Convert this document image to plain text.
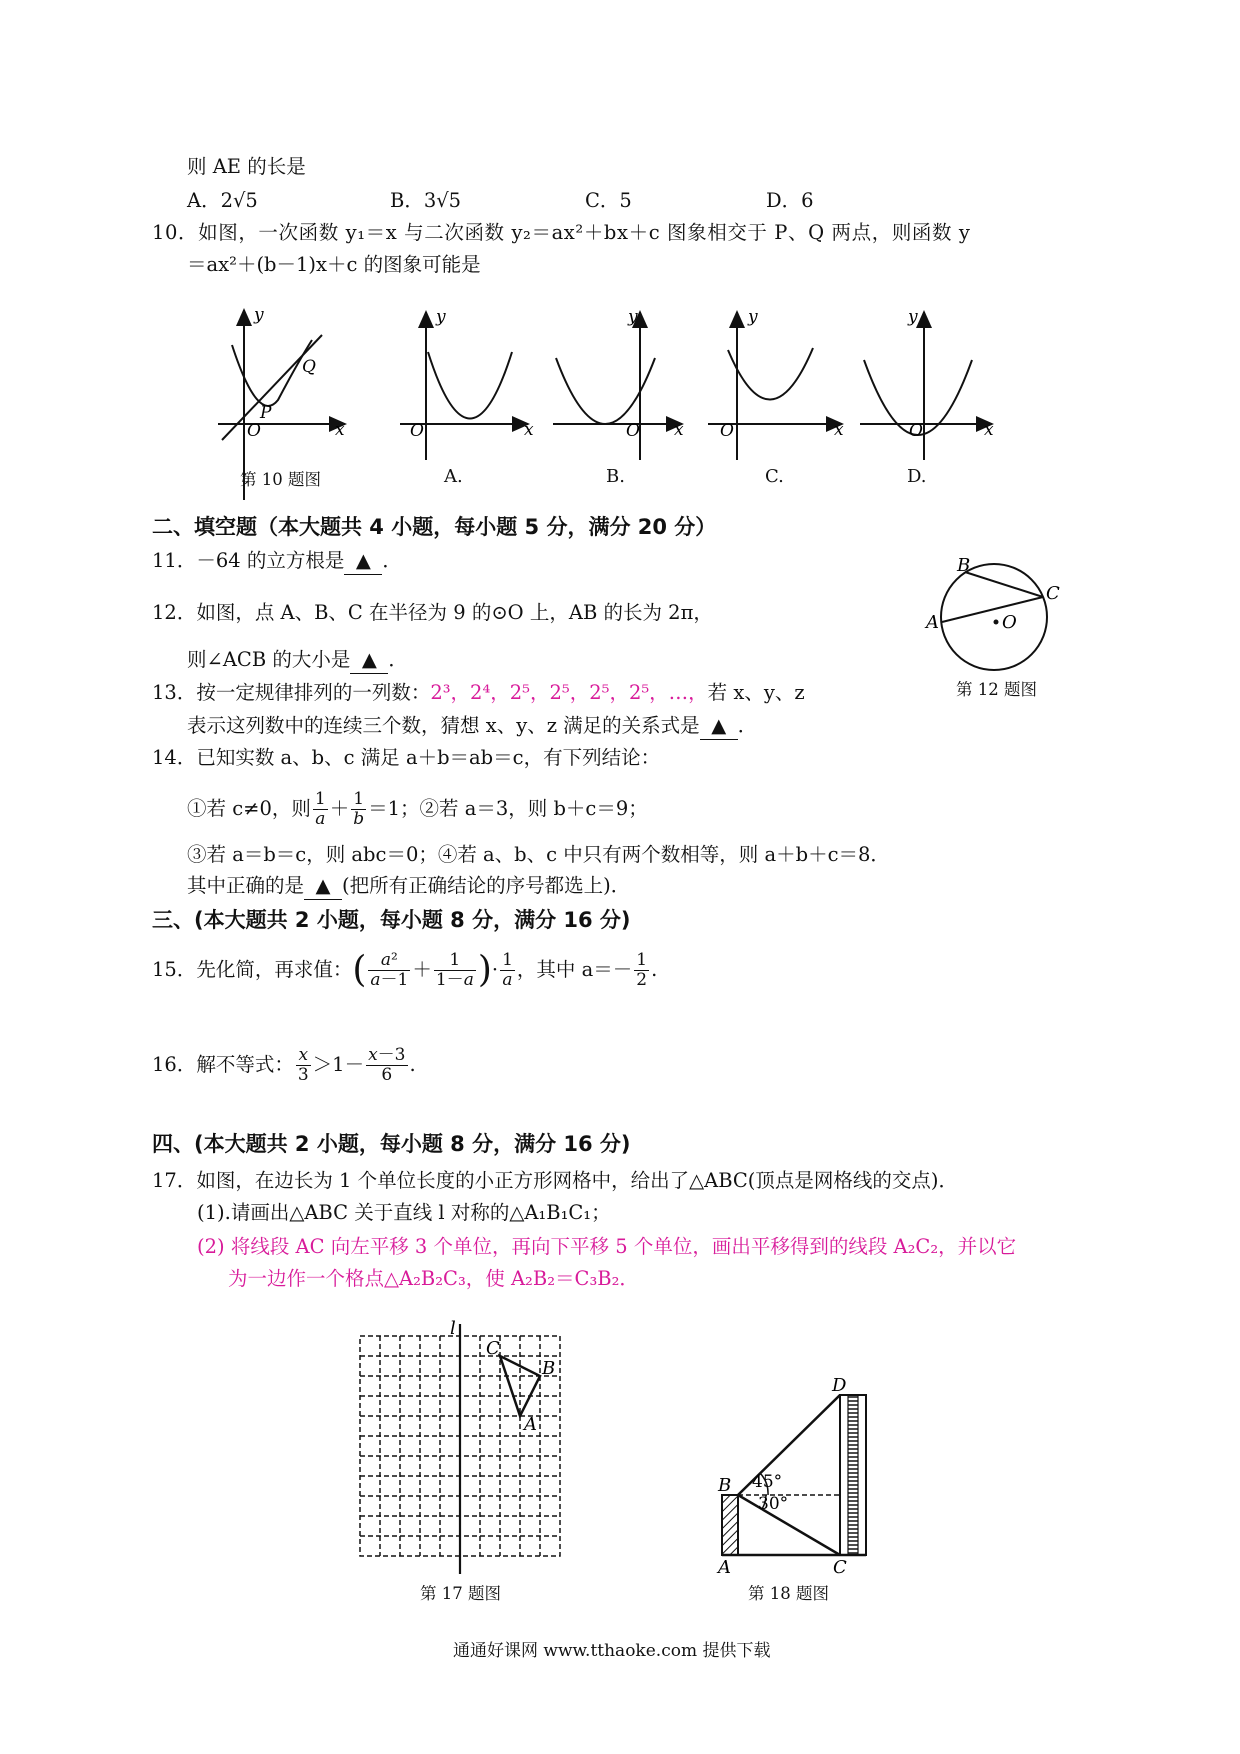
则 AE 的长是
A．2√5	B．3√5	C．5	D．6
10．如图，一次函数 y₁＝x 与二次函数 y₂＝ax²＋bx＋c 图象相交于 P、Q 两点，则函数 y
＝ax²＋(b－1)x＋c 的图象可能是
y
x
O
P
Q
y
x
O
y
x
O
y
x
O
y
x
O
第 10 题图	A.	B.	C.	D.
二、填空题（本大题共 4 小题，每小题 5 分，满分 20 分）
11．－64 的立方根是 ▲ ．
12．如图，点 A、B、C 在半径为 9 的⊙O 上，AB 的长为 2π，
则∠ACB 的大小是 ▲ ．
B
C
A	O
第 12 题图
13．按一定规律排列的一列数：2³，2⁴，2⁵，2⁵，2⁵，2⁵，…，若 x、y、z
表示这列数中的连续三个数，猜想 x、y、z 满足的关系式是 ▲ ．
14．已知实数 a、b、c 满足 a＋b＝ab＝c，有下列结论：
①若 c≠0，则 $\frac{1}{a} + \frac{1}{b} =1$；②若 a＝3，则 b＋c＝9；
③若 a＝b＝c，则 abc＝0；④若 a、b、c 中只有两个数相等，则 a＋b＋c＝8．
其中正确的是 ▲ (把所有正确结论的序号都选上)．
三、(本大题共 2 小题，每小题 8 分，满分 16 分)
15．先化简，再求值：( $\frac{\text{a²}}{a-1} + \frac{1}{1-a}$ )· $\frac{1}{a}$ ，其中 $a=- \frac{1}{2}$ .
16．解不等式： $\frac{x}{3} >1- \frac{x-3}{6}$ .
四、(本大题共 2 小题，每小题 8 分，满分 16 分)
17．如图，在边长为 1 个单位长度的小正方形网格中，给出了△ABC(顶点是网格线的交点)．
(1).请画出△ABC 关于直线 l 对称的△A₁B₁C₁；
(2) 将线段 AC 向左平移 3 个单位，再向下平移 5 个单位，画出平移得到的线段 A₂C₂，并以它
为一边作一个格点△A₂B₂C₃，使 A₂B₂＝C₃B₂．
l
C
B
A
第 17 题图
B
A	C
D
45°
30°
第 18 题图
通通好课网 www.tthaoke.com 提供下载
